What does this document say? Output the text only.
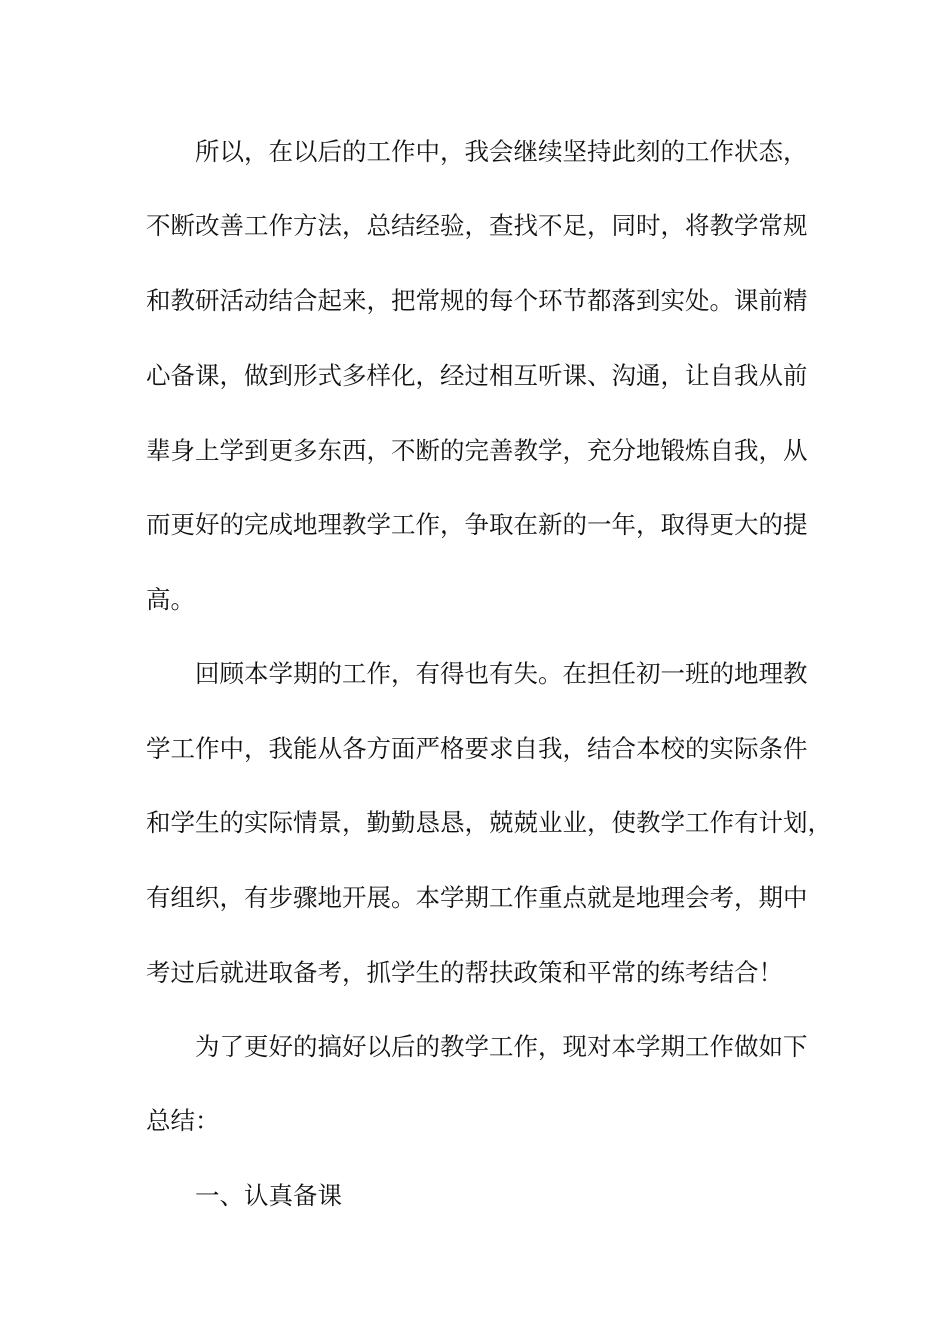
所以，在以后的工作中，我会继续坚持此刻的工作状态，
不断改善工作方法，总结经验，查找不足，同时，将教学常规
和教研活动结合起来，把常规的每个环节都落到实处。课前精
心备课，做到形式多样化，经过相互听课、沟通，让自我从前
辈身上学到更多东西，不断的完善教学，充分地锻炼自我，从
而更好的完成地理教学工作，争取在新的一年，取得更大的提
高。
回顾本学期的工作，有得也有失。在担任初一班的地理教
学工作中，我能从各方面严格要求自我，结合本校的实际条件
和学生的实际情景，勤勤恳恳，兢兢业业，使教学工作有计划，
有组织，有步骤地开展。本学期工作重点就是地理会考，期中
考过后就进取备考，抓学生的帮扶政策和平常的练考结合！
为了更好的搞好以后的教学工作，现对本学期工作做如下
总结：
一、认真备课
